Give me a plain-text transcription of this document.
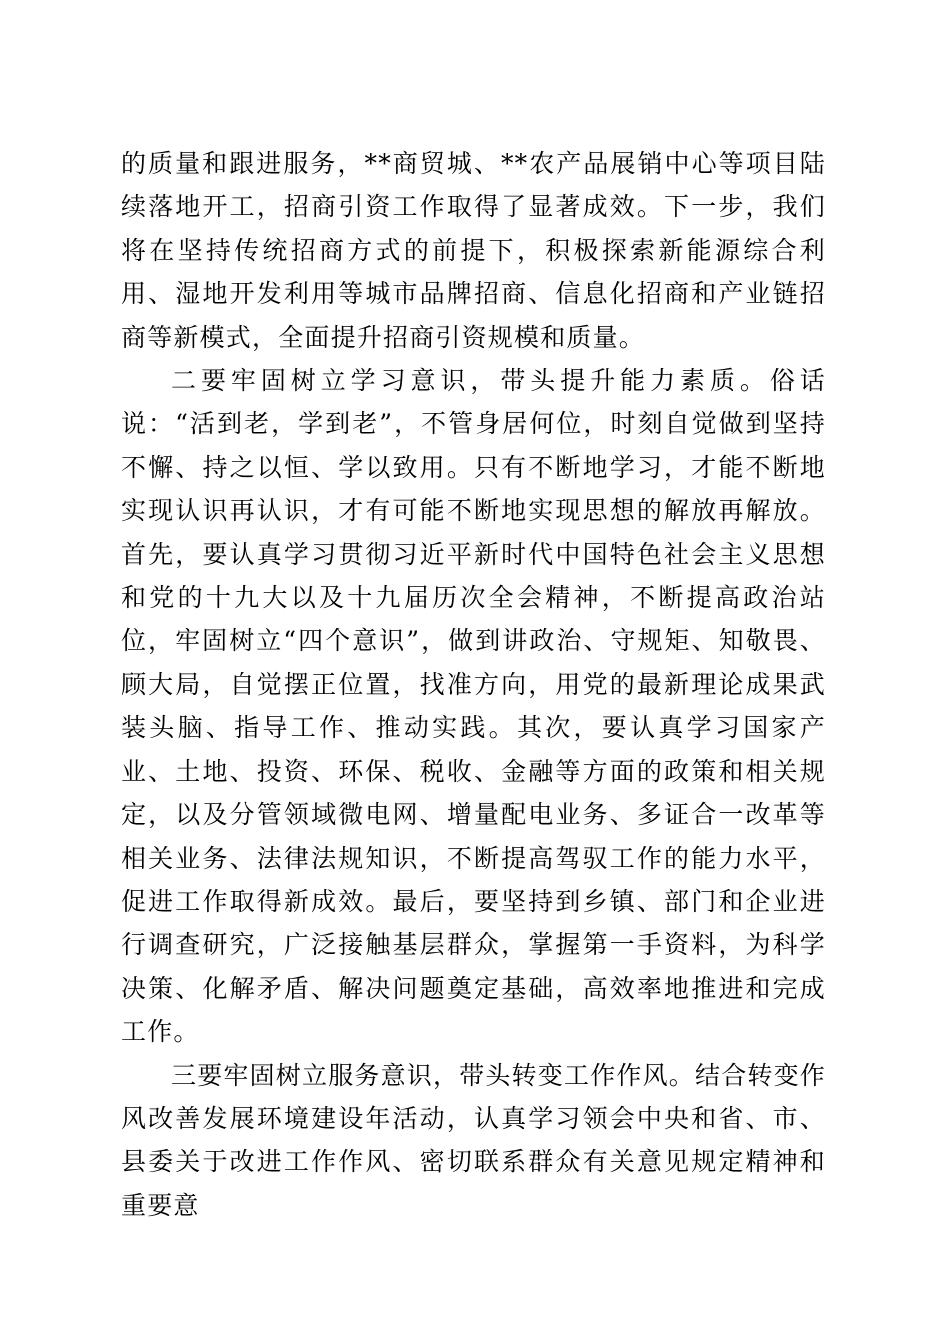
的质量和跟进服务，**商贸城、**农产品展销中心等项目陆续落地开工，招商引资工作取得了显著成效。下一步，我们将在坚持传统招商方式的前提下，积极探索新能源综合利用、湿地开发利用等城市品牌招商、信息化招商和产业链招商等新模式，全面提升招商引资规模和质量。

二要牢固树立学习意识，带头提升能力素质。俗话说：“活到老，学到老”，不管身居何位，时刻自觉做到坚持不懈、持之以恒、学以致用。只有不断地学习，才能不断地实现认识再认识，才有可能不断地实现思想的解放再解放。首先，要认真学习贯彻习近平新时代中国特色社会主义思想和党的十九大以及十九届历次全会精神，不断提高政治站位，牢固树立“四个意识”，做到讲政治、守规矩、知敬畏、顾大局，自觉摆正位置，找准方向，用党的最新理论成果武装头脑、指导工作、推动实践。其次，要认真学习国家产业、土地、投资、环保、税收、金融等方面的政策和相关规定，以及分管领域微电网、增量配电业务、多证合一改革等相关业务、法律法规知识，不断提高驾驭工作的能力水平，促进工作取得新成效。最后，要坚持到乡镇、部门和企业进行调查研究，广泛接触基层群众，掌握第一手资料，为科学决策、化解矛盾、解决问题奠定基础，高效率地推进和完成工作。

三要牢固树立服务意识，带头转变工作作风。结合转变作风改善发展环境建设年活动，认真学习领会中央和省、市、县委关于改进工作作风、密切联系群众有关意见规定精神和重要意
